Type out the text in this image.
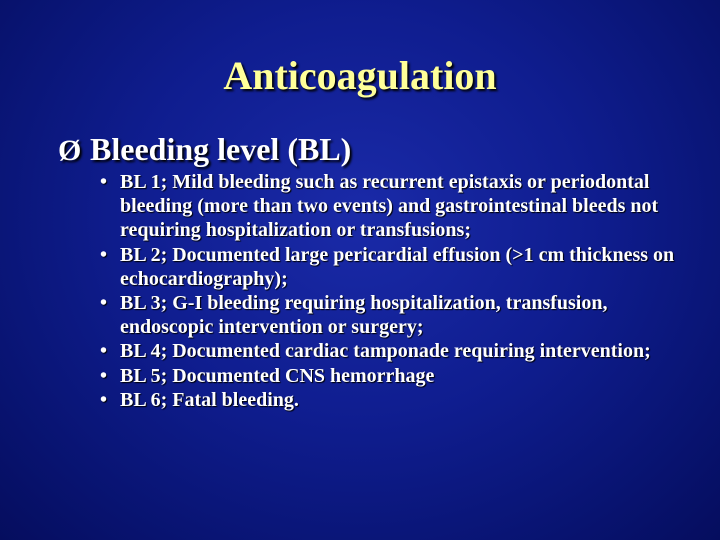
Anticoagulation
Ø Bleeding level (BL)
• BL 1; Mild bleeding such as recurrent epistaxis or periodontal bleeding (more than two events) and gastrointestinal bleeds not requiring hospitalization or transfusions;
• BL 2; Documented large pericardial effusion (>1 cm thickness on echocardiography);
• BL 3; G-I bleeding requiring hospitalization, transfusion, endoscopic intervention or surgery;
• BL 4; Documented cardiac tamponade requiring intervention;
• BL 5; Documented CNS hemorrhage
• BL 6; Fatal bleeding.
